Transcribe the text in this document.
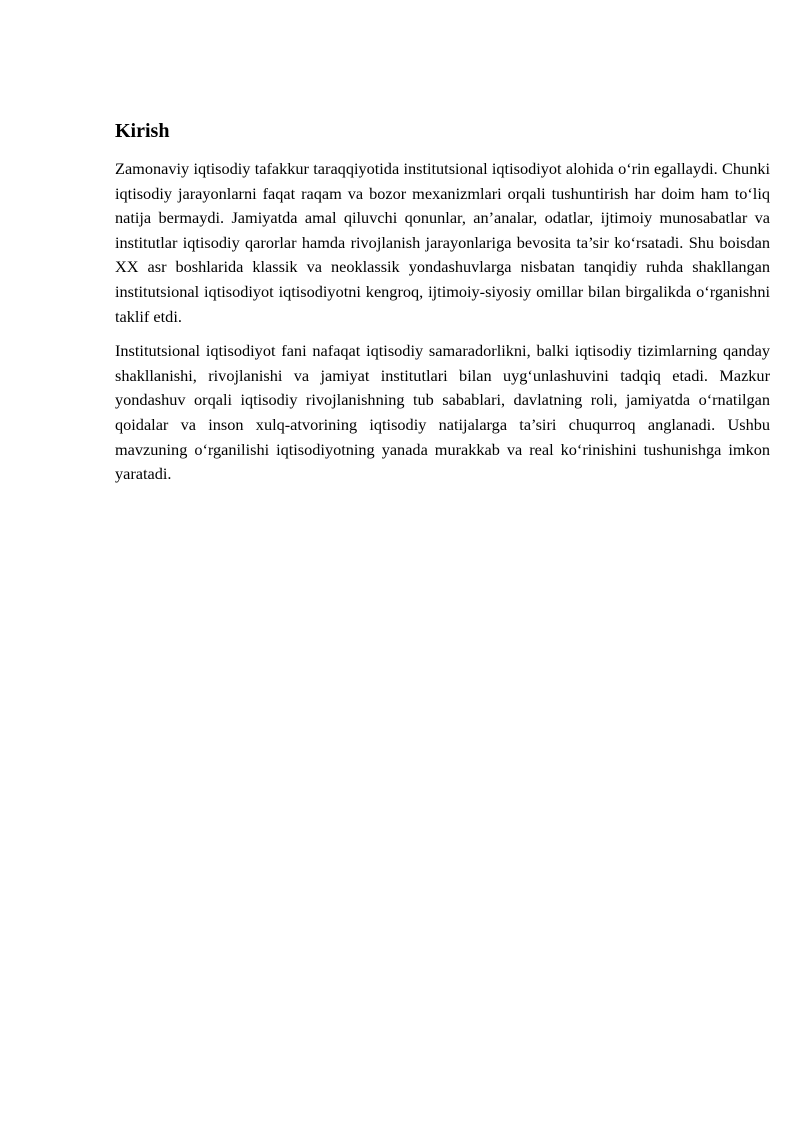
Kirish

Zamonaviy iqtisodiy tafakkur taraqqiyotida institutsional iqtisodiyot alohida o‘rin egallaydi. Chunki iqtisodiy jarayonlarni faqat raqam va bozor mexanizmlari orqali tushuntirish har doim ham to‘liq natija bermaydi. Jamiyatda amal qiluvchi qonunlar, an’analar, odatlar, ijtimoiy munosabatlar va institutlar iqtisodiy qarorlar hamda rivojlanish jarayonlariga bevosita ta’sir ko‘rsatadi. Shu boisdan XX asr boshlarida klassik va neoklassik yondashuvlarga nisbatan tanqidiy ruhda shakllangan institutsional iqtisodiyot iqtisodiyotni kengroq, ijtimoiy-siyosiy omillar bilan birgalikda o‘rganishni taklif etdi.

Institutsional iqtisodiyot fani nafaqat iqtisodiy samaradorlikni, balki iqtisodiy tizimlarning qanday shakllanishi, rivojlanishi va jamiyat institutlari bilan uyg‘unlashuvini tadqiq etadi. Mazkur yondashuv orqali iqtisodiy rivojlanishning tub sabablari, davlatning roli, jamiyatda o‘rnatilgan qoidalar va inson xulq-atvorining iqtisodiy natijalarga ta’siri chuqurroq anglanadi. Ushbu mavzuning o‘rganilishi iqtisodiyotning yanada murakkab va real ko‘rinishini tushunishga imkon yaratadi.
